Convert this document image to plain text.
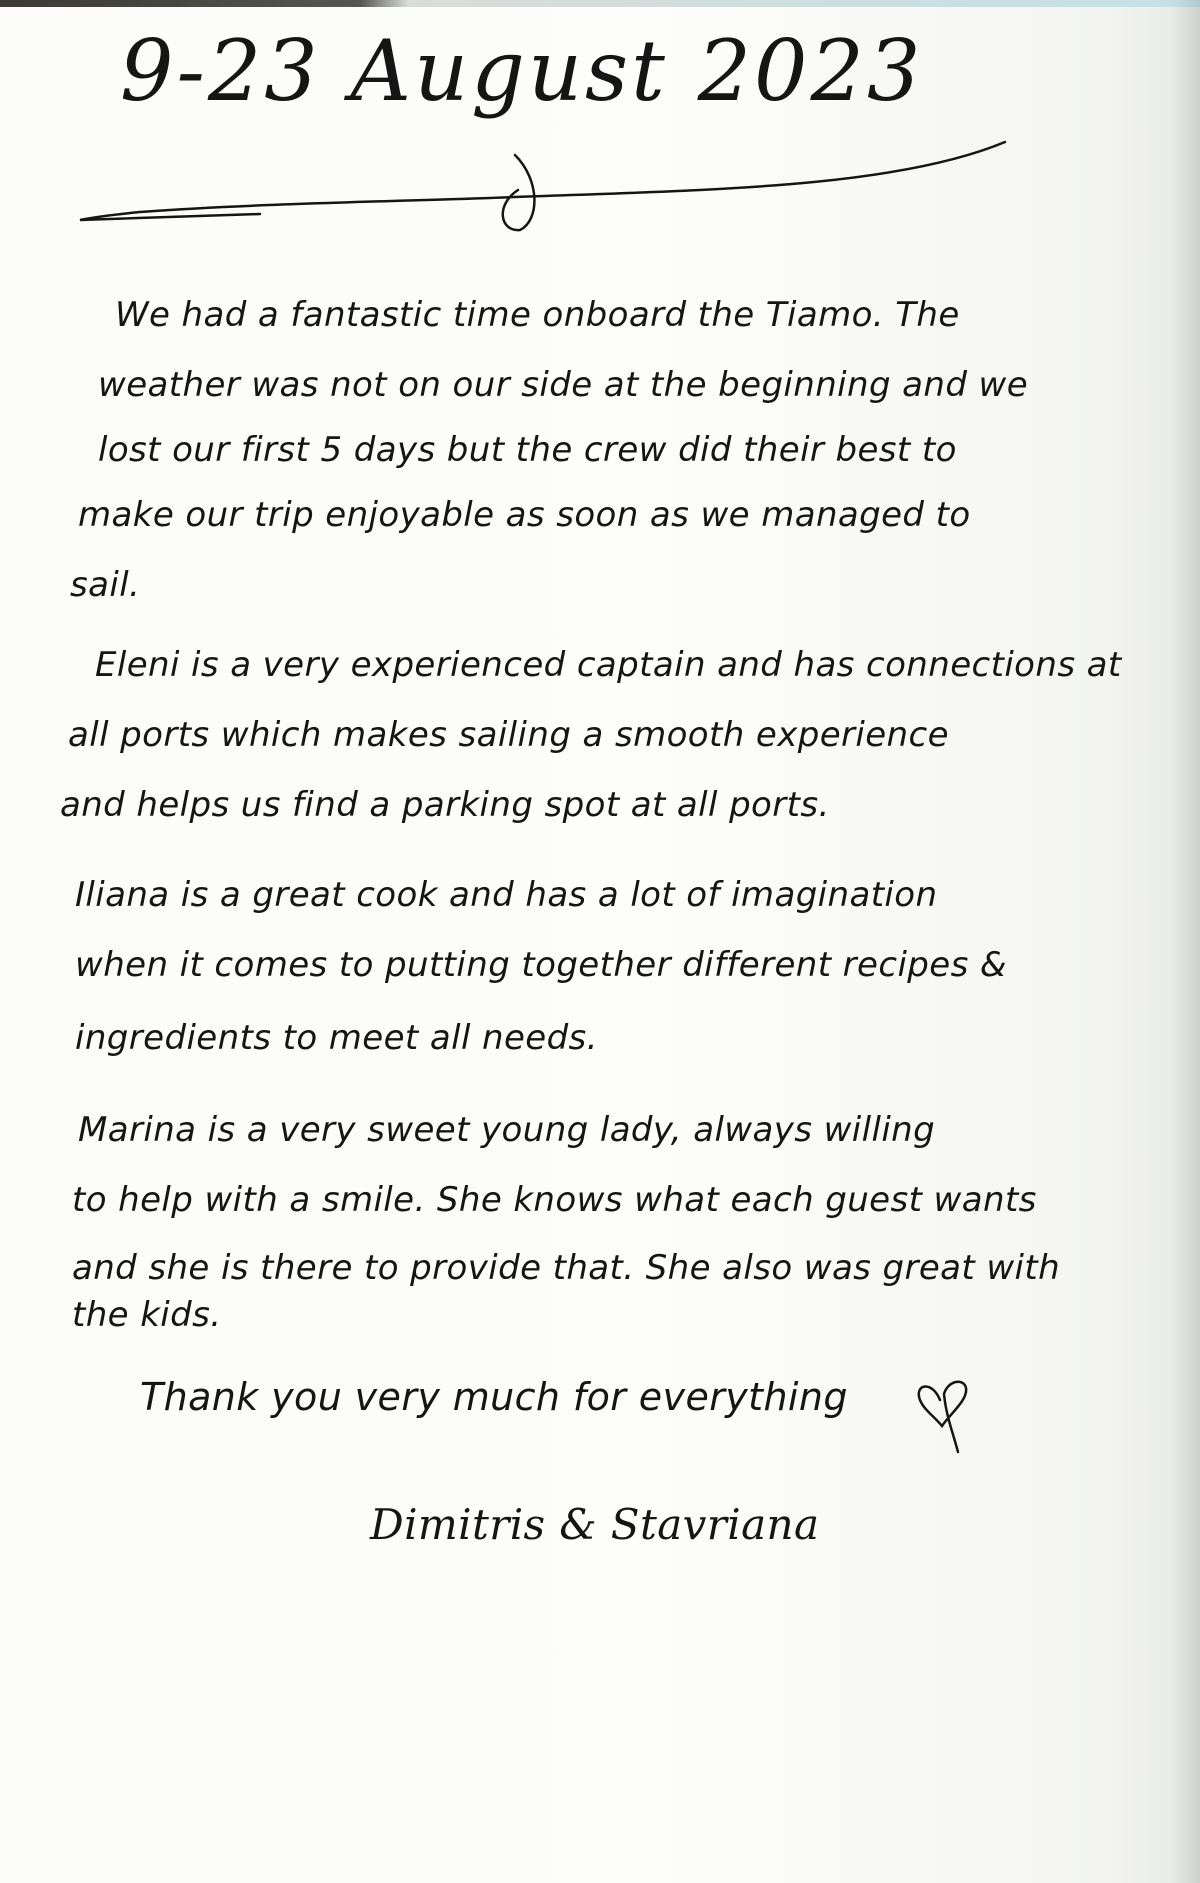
9-23 August 2023
We had a fantastic time onboard the Tiamo. The
weather was not on our side at the beginning and we
lost our first 5 days but the crew did their best to
make our trip enjoyable as soon as we managed to
sail.
Eleni is a very experienced captain and has connections at
all ports which makes sailing a smooth experience
and helps us find a parking spot at all ports.
Iliana is a great cook and has a lot of imagination
when it comes to putting together different recipes &
ingredients to meet all needs.
Marina is a very sweet young lady, always willing
to help with a smile. She knows what each guest wants
and she is there to provide that. She also was great with
the kids.
Thank you very much for everything
Dimitris & Stavriana
